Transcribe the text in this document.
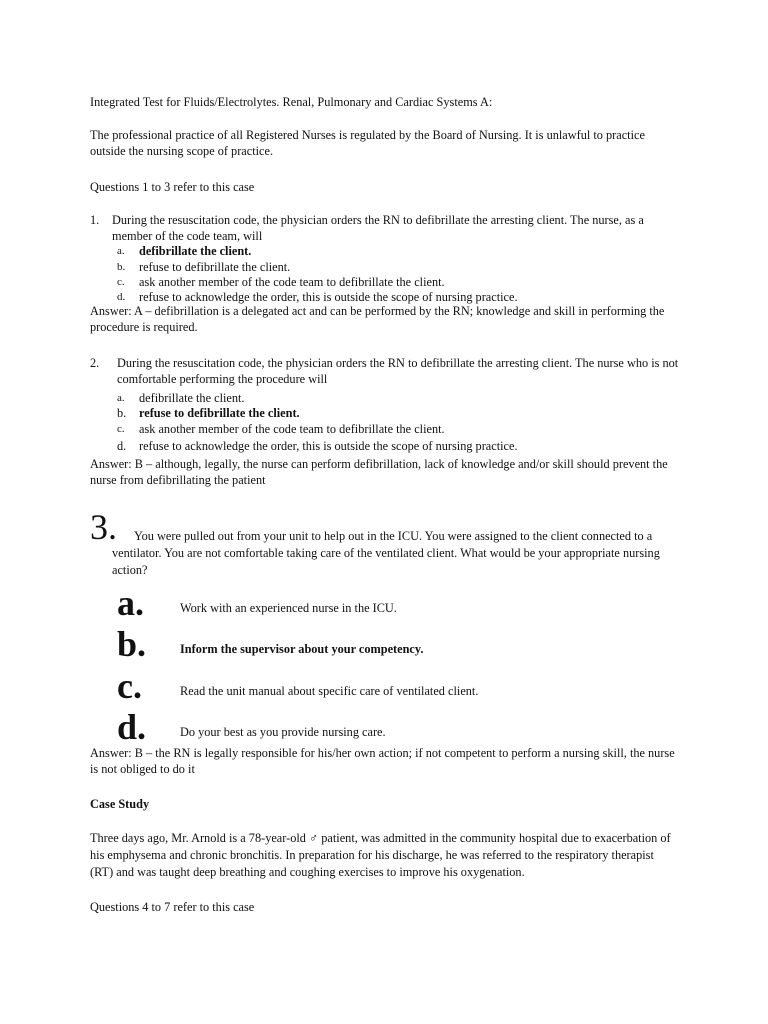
Integrated Test for Fluids/Electrolytes. Renal, Pulmonary and Cardiac Systems A:
The professional practice of all Registered Nurses is regulated by the Board of Nursing. It is unlawful to practice outside the nursing scope of practice.
Questions 1 to 3 refer to this case
1. During the resuscitation code, the physician orders the RN to defibrillate the arresting client. The nurse, as a member of the code team, will
a. defibrillate the client.
b. refuse to defibrillate the client.
c. ask another member of the code team to defibrillate the client.
d. refuse to acknowledge the order, this is outside the scope of nursing practice.
Answer: A – defibrillation is a delegated act and can be performed by the RN; knowledge and skill in performing the procedure is required.
2. During the resuscitation code, the physician orders the RN to defibrillate the arresting client. The nurse who is not comfortable performing the procedure will
a. defibrillate the client.
b. refuse to defibrillate the client.
c. ask another member of the code team to defibrillate the client.
d. refuse to acknowledge the order, this is outside the scope of nursing practice.
Answer: B – although, legally, the nurse can perform defibrillation, lack of knowledge and/or skill should prevent the nurse from defibrillating the patient
3.	You were pulled out from your unit to help out in the ICU. You were assigned to the client connected to a ventilator. You are not comfortable taking care of the ventilated client. What would be your appropriate nursing action?
a.	Work with an experienced nurse in the ICU.
b.	Inform the supervisor about your competency.
c.	Read the unit manual about specific care of ventilated client.
d.	Do your best as you provide nursing care.
Answer: B – the RN is legally responsible for his/her own action; if not competent to perform a nursing skill, the nurse is not obliged to do it
Case Study
Three days ago, Mr. Arnold is a 78-year-old ♂ patient, was admitted in the community hospital due to exacerbation of his emphysema and chronic bronchitis. In preparation for his discharge, he was referred to the respiratory therapist (RT) and was taught deep breathing and coughing exercises to improve his oxygenation.
Questions 4 to 7 refer to this case
